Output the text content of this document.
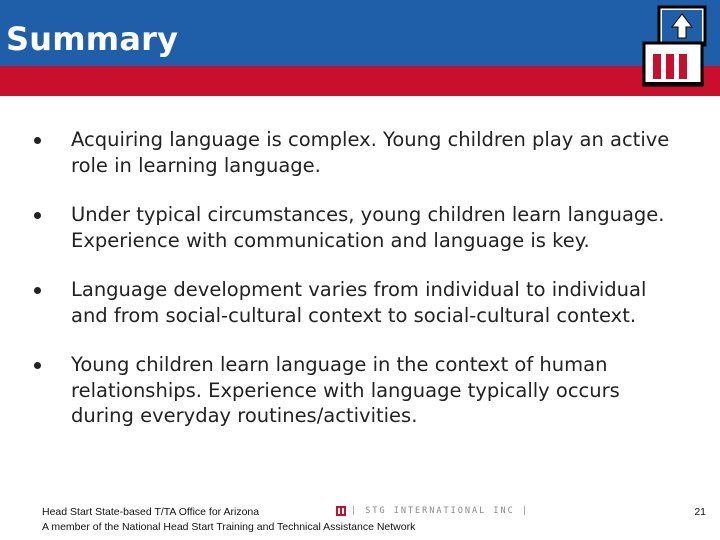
Summary
Acquiring language is complex. Young children play an active role in learning language.
Under typical circumstances, young children learn language. Experience with communication and language is key.
Language development varies from individual to individual and from social-cultural context to social-cultural context.
Young children learn language in the context of human relationships. Experience with language typically occurs during everyday routines/activities.
Head Start State-based T/TA Office for Arizona
A member of the National Head Start Training and Technical Assistance Network
| STG INTERNATIONAL INC |	21
